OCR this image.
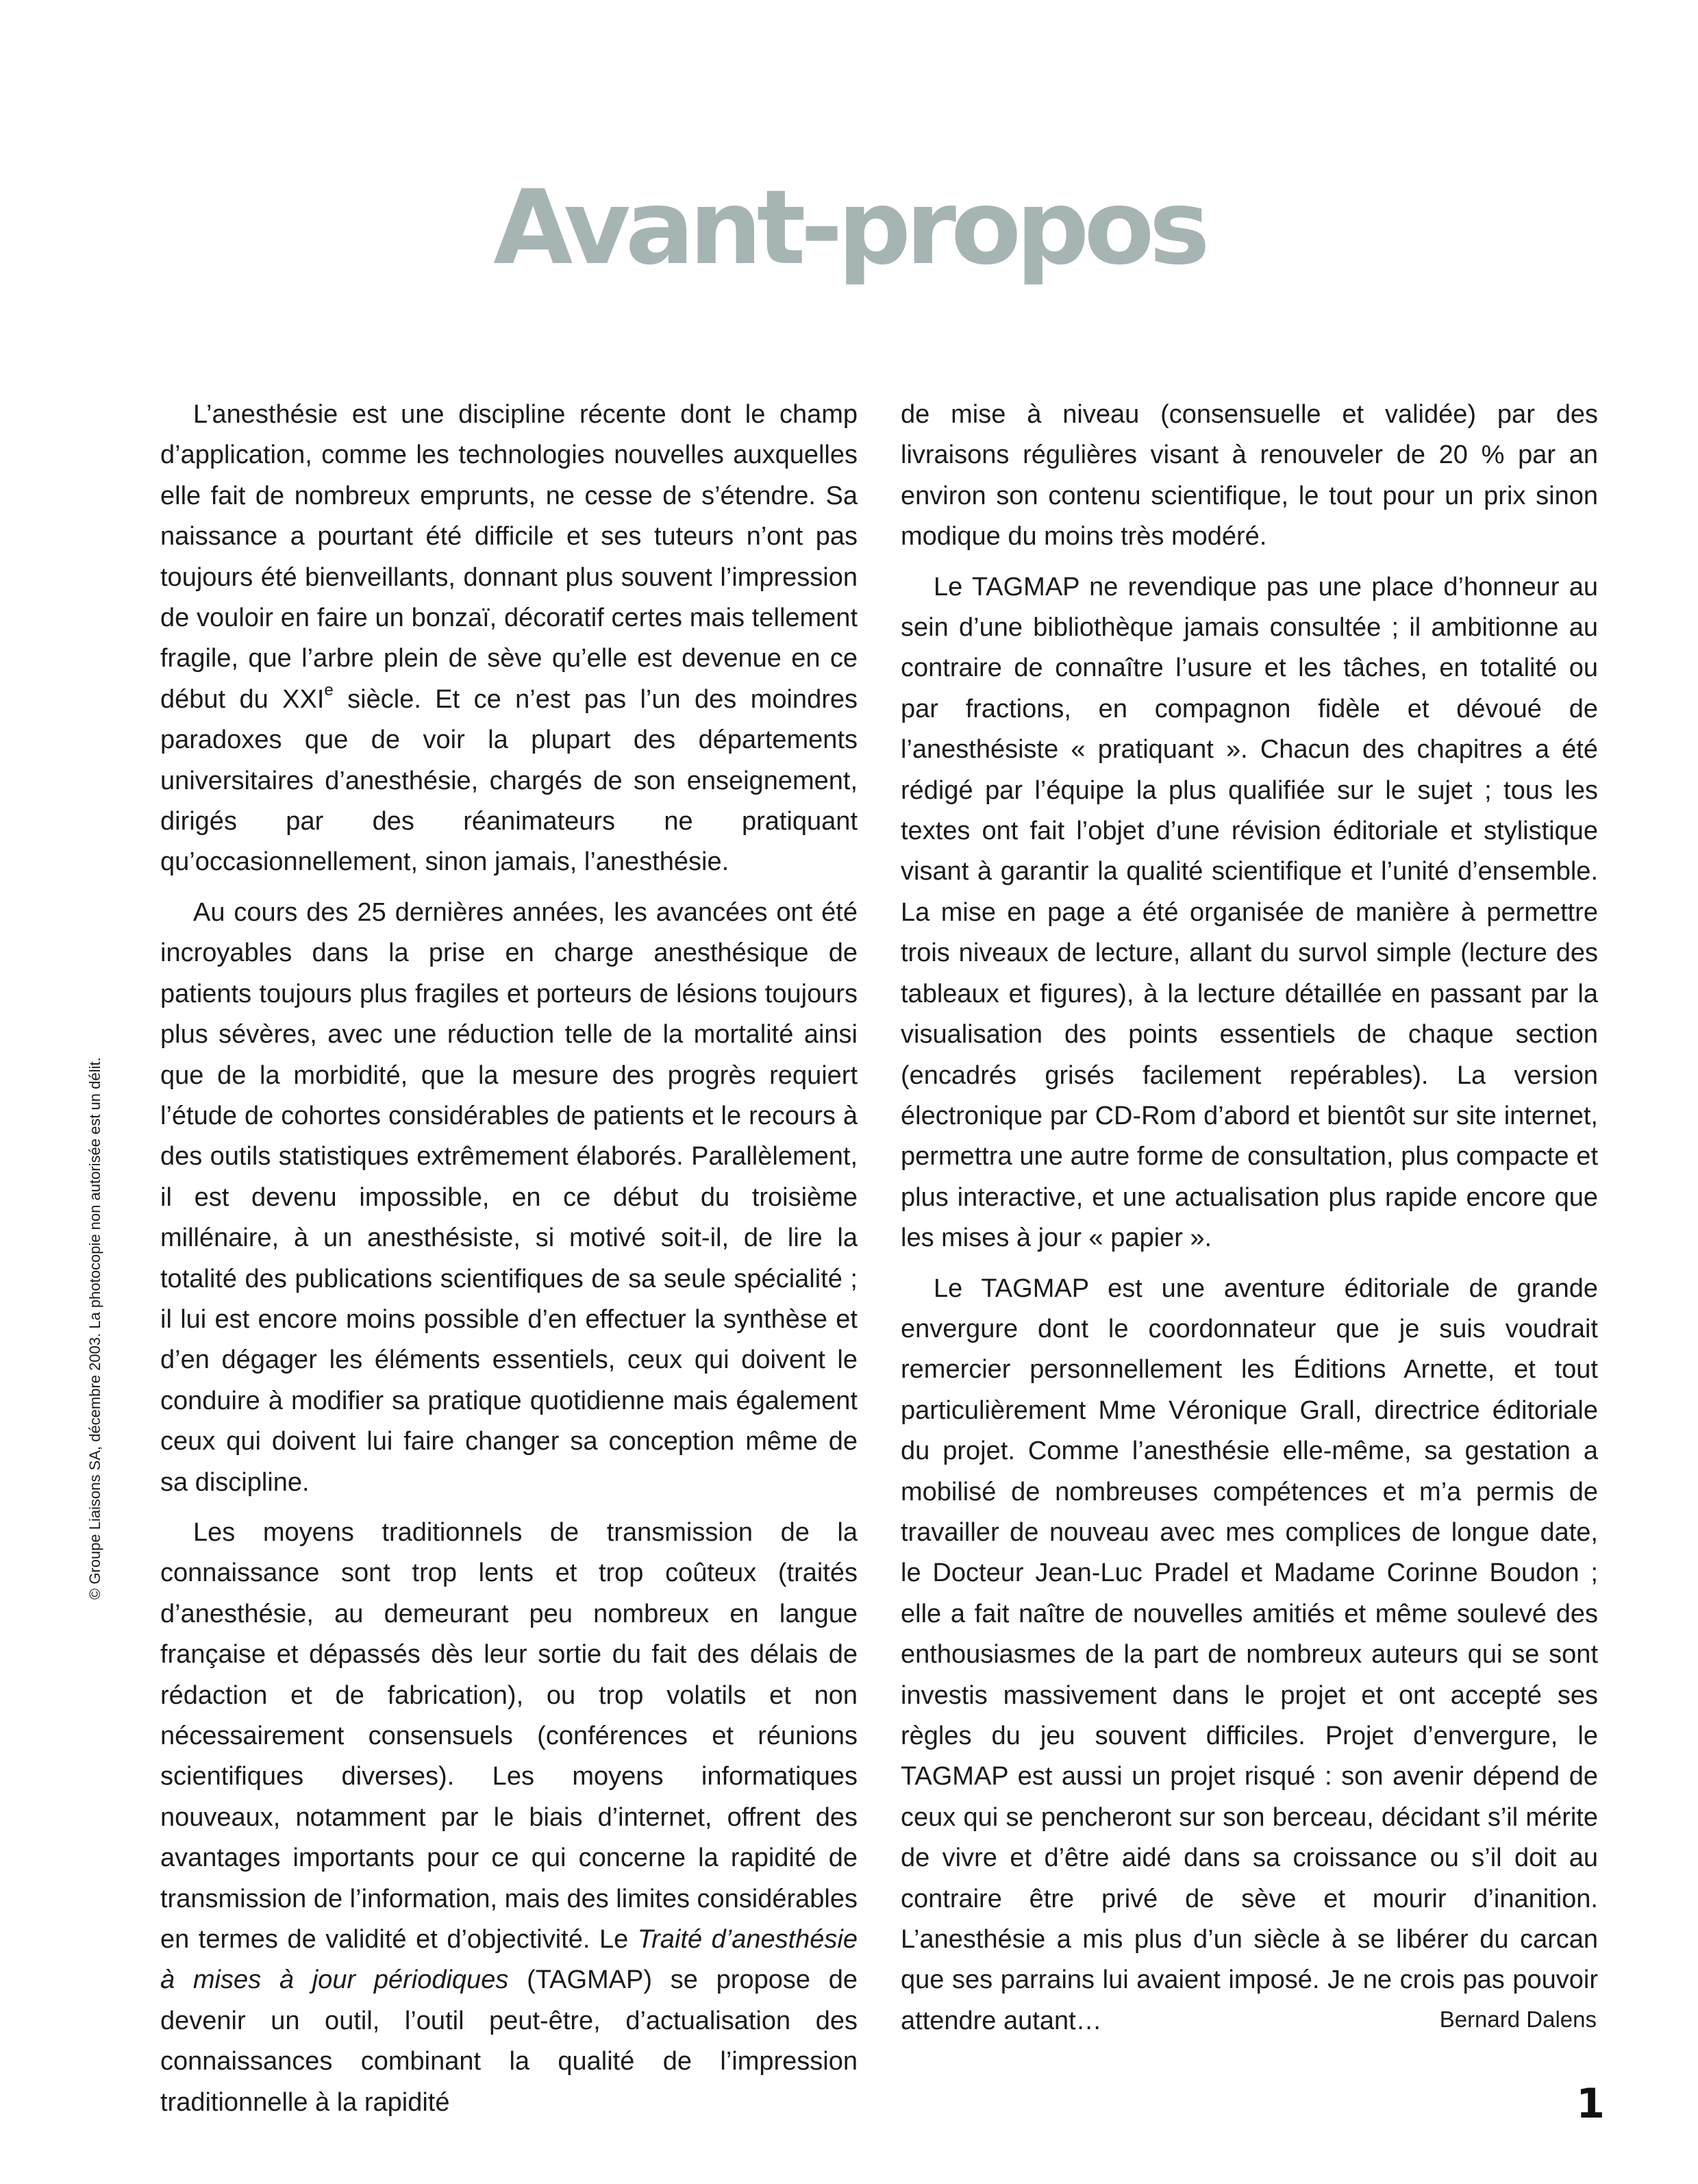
Avant-propos

L’anesthésie est une discipline récente dont le champ d’application, comme les technologies nouvelles auxquelles elle fait de nombreux emprunts, ne cesse de s’étendre. Sa naissance a pourtant été difficile et ses tuteurs n’ont pas toujours été bienveillants, donnant plus souvent l’impression de vouloir en faire un bonzaï, décoratif certes mais tellement fragile, que l’arbre plein de sève qu’elle est devenue en ce début du XXIe siècle. Et ce n’est pas l’un des moindres paradoxes que de voir la plupart des départements universitaires d’anesthésie, chargés de son enseignement, dirigés par des réanimateurs ne pratiquant qu’occasionnellement, sinon jamais, l’anesthésie.

Au cours des 25 dernières années, les avancées ont été incroyables dans la prise en charge anesthésique de patients toujours plus fragiles et porteurs de lésions toujours plus sévères, avec une réduction telle de la mortalité ainsi que de la morbidité, que la mesure des progrès requiert l’étude de cohortes considérables de patients et le recours à des outils statistiques extrêmement élaborés. Parallèlement, il est devenu impossible, en ce début du troisième millénaire, à un anesthésiste, si motivé soit-il, de lire la totalité des publications scientifiques de sa seule spécialité ; il lui est encore moins possible d’en effectuer la synthèse et d’en dégager les éléments essentiels, ceux qui doivent le conduire à modifier sa pratique quotidienne mais également ceux qui doivent lui faire changer sa conception même de sa discipline.

Les moyens traditionnels de transmission de la connaissance sont trop lents et trop coûteux (traités d’anesthésie, au demeurant peu nombreux en langue française et dépassés dès leur sortie du fait des délais de rédaction et de fabrication), ou trop volatils et non nécessairement consensuels (conférences et réunions scientifiques diverses). Les moyens informatiques nouveaux, notamment par le biais d’internet, offrent des avantages importants pour ce qui concerne la rapidité de transmission de l’information, mais des limites considérables en termes de validité et d’objectivité. Le Traité d’anesthésie à mises à jour périodiques (TAGMAP) se propose de devenir un outil, l’outil peut-être, d’actualisation des connaissances combinant la qualité de l’impression traditionnelle à la rapidité

de mise à niveau (consensuelle et validée) par des livraisons régulières visant à renouveler de 20 % par an environ son contenu scientifique, le tout pour un prix sinon modique du moins très modéré.

Le TAGMAP ne revendique pas une place d’honneur au sein d’une bibliothèque jamais consultée ; il ambitionne au contraire de connaître l’usure et les tâches, en totalité ou par fractions, en compagnon fidèle et dévoué de l’anesthésiste « pratiquant ». Chacun des chapitres a été rédigé par l’équipe la plus qualifiée sur le sujet ; tous les textes ont fait l’objet d’une révision éditoriale et stylistique visant à garantir la qualité scientifique et l’unité d’ensemble. La mise en page a été organisée de manière à permettre trois niveaux de lecture, allant du survol simple (lecture des tableaux et figures), à la lecture détaillée en passant par la visualisation des points essentiels de chaque section (encadrés grisés facilement repérables). La version électronique par CD-Rom d’abord et bientôt sur site internet, permettra une autre forme de consultation, plus compacte et plus interactive, et une actualisation plus rapide encore que les mises à jour « papier ».

Le TAGMAP est une aventure éditoriale de grande envergure dont le coordonnateur que je suis voudrait remercier personnellement les Éditions Arnette, et tout particulièrement Mme Véronique Grall, directrice éditoriale du projet. Comme l’anesthésie elle-même, sa gestation a mobilisé de nombreuses compétences et m’a permis de travailler de nouveau avec mes complices de longue date, le Docteur Jean-Luc Pradel et Madame Corinne Boudon ; elle a fait naître de nouvelles amitiés et même soulevé des enthousiasmes de la part de nombreux auteurs qui se sont investis massivement dans le projet et ont accepté ses règles du jeu souvent difficiles. Projet d’envergure, le TAGMAP est aussi un projet risqué : son avenir dépend de ceux qui se pencheront sur son berceau, décidant s’il mérite de vivre et d’être aidé dans sa croissance ou s’il doit au contraire être privé de sève et mourir d’inanition. L’anesthésie a mis plus d’un siècle à se libérer du carcan que ses parrains lui avaient imposé. Je ne crois pas pouvoir attendre autant…	Bernard Dalens
© Groupe Liaisons SA, décembre 2003. La photocopie non autorisée est un délit.
1
